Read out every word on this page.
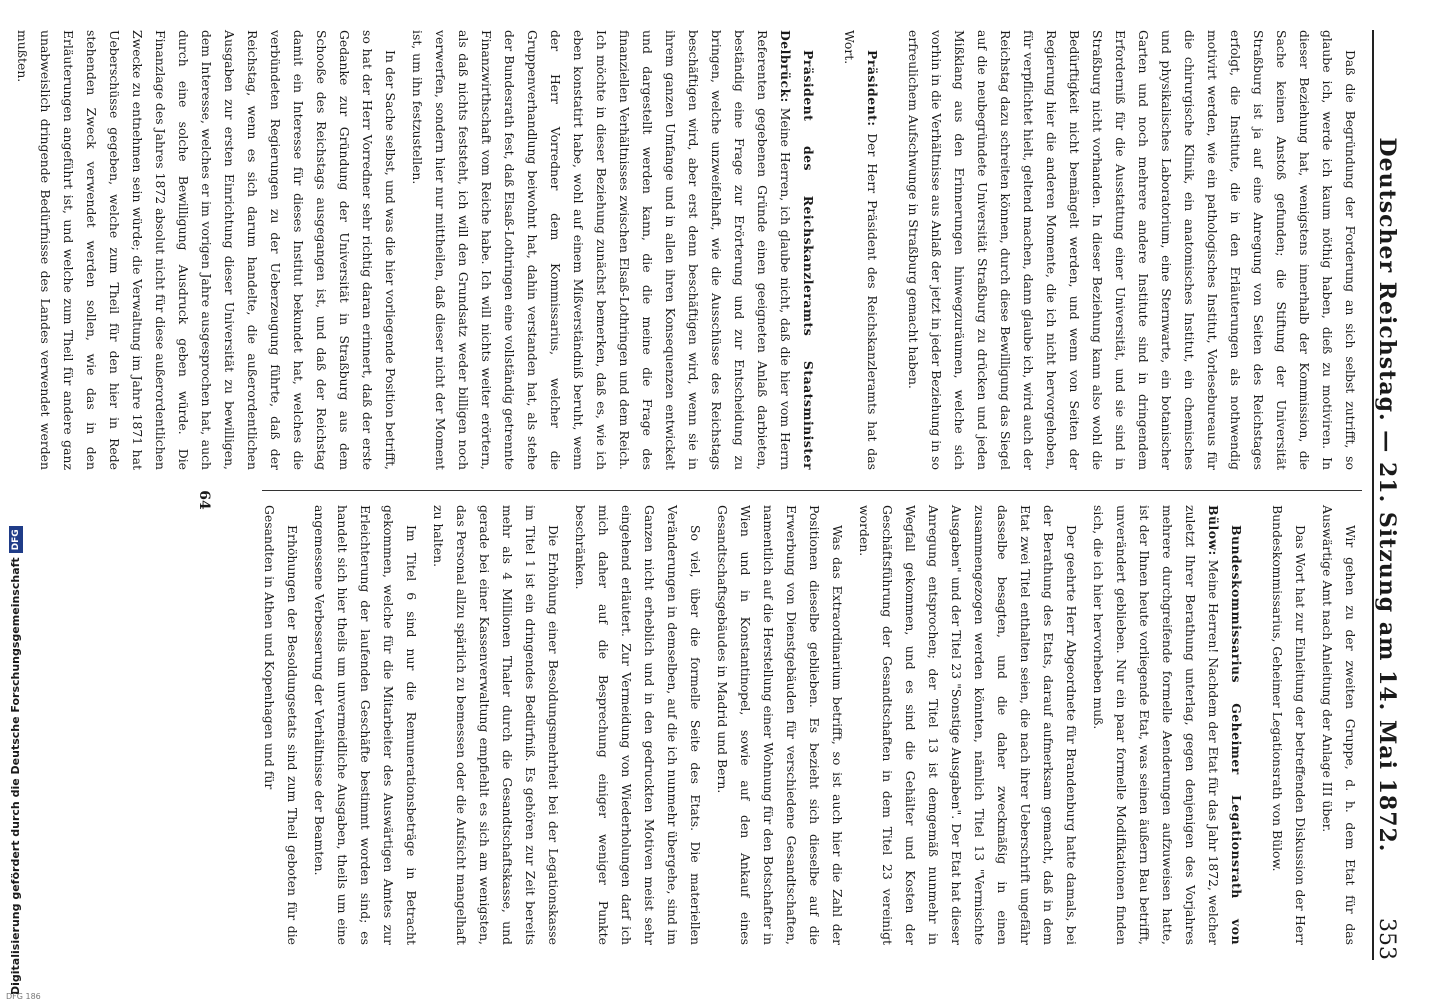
Deutscher Reichstag. — 21. Sitzung am 14. Mai 1872.
353

Daß die Begründung der Forderung an sich selbst zutrifft, so glaube ich, werde ich kaum nöthig haben, dieß zu motiviren. In dieser Beziehung hat, wenigstens innerhalb der Kommission, die Sache keinen Anstoß gefunden; die Stiftung der Universität Straßburg ist ja auf eine Anregung von Seiten des Reichstages erfolgt, die Institute, die in den Erläuterungen als nothwendig motivirt werden, wie ein pathologisches Institut, Vorlesebureaus für die chirurgische Klinik, ein anatomisches Institut, ein chemisches und physikalisches Laboratorium, eine Sternwarte, ein botanischer Garten und noch mehrere andere Institute sind in dringendem Erforderniß für die Ausstattung einer Universität, und sie sind in Straßburg nicht vorhanden. In dieser Beziehung kann also wohl die Bedürftigkeit nicht bemängelt werden, und wenn von Seiten der Regierung hier die anderen Momente, die ich nicht hervorgehoben, für verpflichtet hielt, geltend machen, dann glaube ich, wird auch der Reichstag dazu schreiten können, durch diese Bewilligung das Siegel auf die neubegründete Universität Straßburg zu drücken und jeden Mißklang aus den Erinnerungen hinwegzuräumen, welche sich vorhin in die Verhältnisse aus Anlaß der jetzt in jeder Beziehung in so erfreulichem Aufschwunge in Straßburg gemacht haben.

Präsident: Der Herr Präsident des Reichskanzleramts hat das Wort.

Präsident des Reichskanzleramts Staatsminister Delbrück: Meine Herren, ich glaube nicht, daß die hier vom Herrn Referenten gegebenen Gründe einen geeigneten Anlaß darbieten, beständig eine Frage zur Erörterung und zur Entscheidung zu bringen, welche unzweifelhaft, wie die Ausschüsse des Reichstags beschäftigen wird, aber erst denn beschäftigen wird, wenn sie in ihrem ganzen Umfange und in allen ihren Konsequenzen entwickelt und dargestellt werden kann, die die meine die Frage des finanziellen Verhältnisses zwischen Elsaß-Lothringen und dem Reich. Ich möchte in dieser Beziehung zunächst bemerken, daß es, wie ich eben konstatirt habe, wohl auf einem Mißverständniß beruht, wenn der Herr Vorredner dem Kommissarius, welcher die Gruppenverhandlung beiwohnt hat, dahin verstanden hat, als stehe der Bundesrath fest, daß Elsaß-Lothringen eine vollständig getrennte Finanzwirthschaft vom Reiche habe. Ich will nichts weiter erörtern, als daß nichts feststeht, ich will den Grundsatz weder billigen noch verwerfen, sondern hier nur mittheilen, daß dieser nicht der Moment ist, um ihn festzustellen.

In der Sache selbst, und was die hier vorliegende Position betrifft, so hat der Herr Vorredner sehr richtig daran erinnert, daß der erste Gedanke zur Gründung der Universität in Straßburg aus dem Schooße des Reichstags ausgegangen ist, und daß der Reichstag damit ein Interesse für dieses Institut bekundet hat, welches die verbündeten Regierungen zu der Ueberzeugung führte, daß der Reichstag, wenn es sich darum handelte, die außerordentlichen Ausgaben zur ersten Einrichtung dieser Universität zu bewilligen, dem Interesse, welches er im vorigen Jahre ausgesprochen hat, auch durch eine solche Bewilligung Ausdruck geben würde. Die Finanzlage des Jahres 1872 absolut nicht für diese außerordentlichen Zwecke zu entnehmen sein würde; die Verwaltung im Jahre 1871 hat Ueberschüsse gegeben, welche zum Theil für den hier in Rede stehenden Zweck verwendet werden sollen, wie das in den Erläuterungen angeführt ist, und welche zum Theil für andere ganz unabweislich dringende Bedürfnisse des Landes verwendet werden mußten.

Wir gehen zu der zweiten Gruppe, d. h. dem Etat für das Auswärtige Amt nach Anleitung der Anlage III über.

Das Wort hat zur Einleitung der betreffenden Diskussion der Herr Bundeskommissarius, Geheimer Legationsrath von Bülow.

Bundeskommissarius Geheimer Legationsrath von Bülow: Meine Herren! Nachdem der Etat für das Jahr 1872, welcher zuletzt Ihrer Berathung unterlag, gegen denjenigen des Vorjahres mehrere durchgreifende formelle Aenderungen aufzuweisen hatte, ist der Ihnen heute vorliegende Etat, was seinen äußern Bau betrifft, unverändert geblieben. Nur ein paar formelle Modifikationen finden sich, die ich hier hervorheben muß.

Der geehrte Herr Abgeordnete für Brandenburg hatte damals, bei der Berathung des Etats, darauf aufmerksam gemacht, daß in dem Etat zwei Titel enthalten seien, die nach ihrer Ueberschrift ungefähr dasselbe besagten, und die daher zweckmäßig in einen zusammengezogen werden könnten, nämlich Titel 13 "Vermischte Ausgaben" und der Titel 23 "Sonstige Ausgaben". Der Etat hat dieser Anregung entsprochen; der Titel 13 ist demgemäß nunmehr in Wegfall gekommen, und es sind die Gehälter und Kosten der Geschäftsführung der Gesandtschaften in dem Titel 23 vereinigt worden.

Was das Extraordinarium betrifft, so ist auch hier die Zahl der Positionen dieselbe geblieben. Es bezieht sich dieselbe auf die Erwerbung von Dienstgebäuden für verschiedene Gesandtschaften, namentlich auf die Herstellung einer Wohnung für den Botschafter in Wien und in Konstantinopel, sowie auf den Ankauf eines Gesandtschaftsgebäudes in Madrid und Bern.

So viel, über die formelle Seite des Etats. Die materiellen Veränderungen in demselben, auf die ich nunmehr übergehe, sind im Ganzen nicht erheblich und in den gedruckten Motiven meist sehr eingehend erläutert. Zur Vermeidung von Wiederholungen darf ich mich daher auf die Besprechung einiger weniger Punkte beschränken.

Die Erhöhung einer Besoldungsmehrheit bei der Legationskasse im Titel 1 ist ein dringendes Bedürfniß. Es gehören zur Zeit bereits mehr als 4 Millionen Thaler durch die Gesandtschaftskasse, und gerade bei einer Kassenverwaltung empfiehlt es sich am wenigsten, das Personal allzu spärlich zu bemessen oder die Aufsicht mangelhaft zu halten.

Im Titel 6 sind nur die Remunerationsbeträge in Betracht gekommen, welche für die Mitarbeiter des Auswärtigen Amtes zur Erleichterung der laufenden Geschäfte bestimmt worden sind; es handelt sich hier theils um unvermeidliche Ausgaben, theils um eine angemessene Verbesserung der Verhältnisse der Beamten.

Erhöhungen der Besoldungsetats sind zum Theil geboten für die Gesandten in Athen und Kopenhagen und für

64
Digitalisierung gefördert durch die Deutsche Forschungsgemeinschaft
DFG
DFG 186
